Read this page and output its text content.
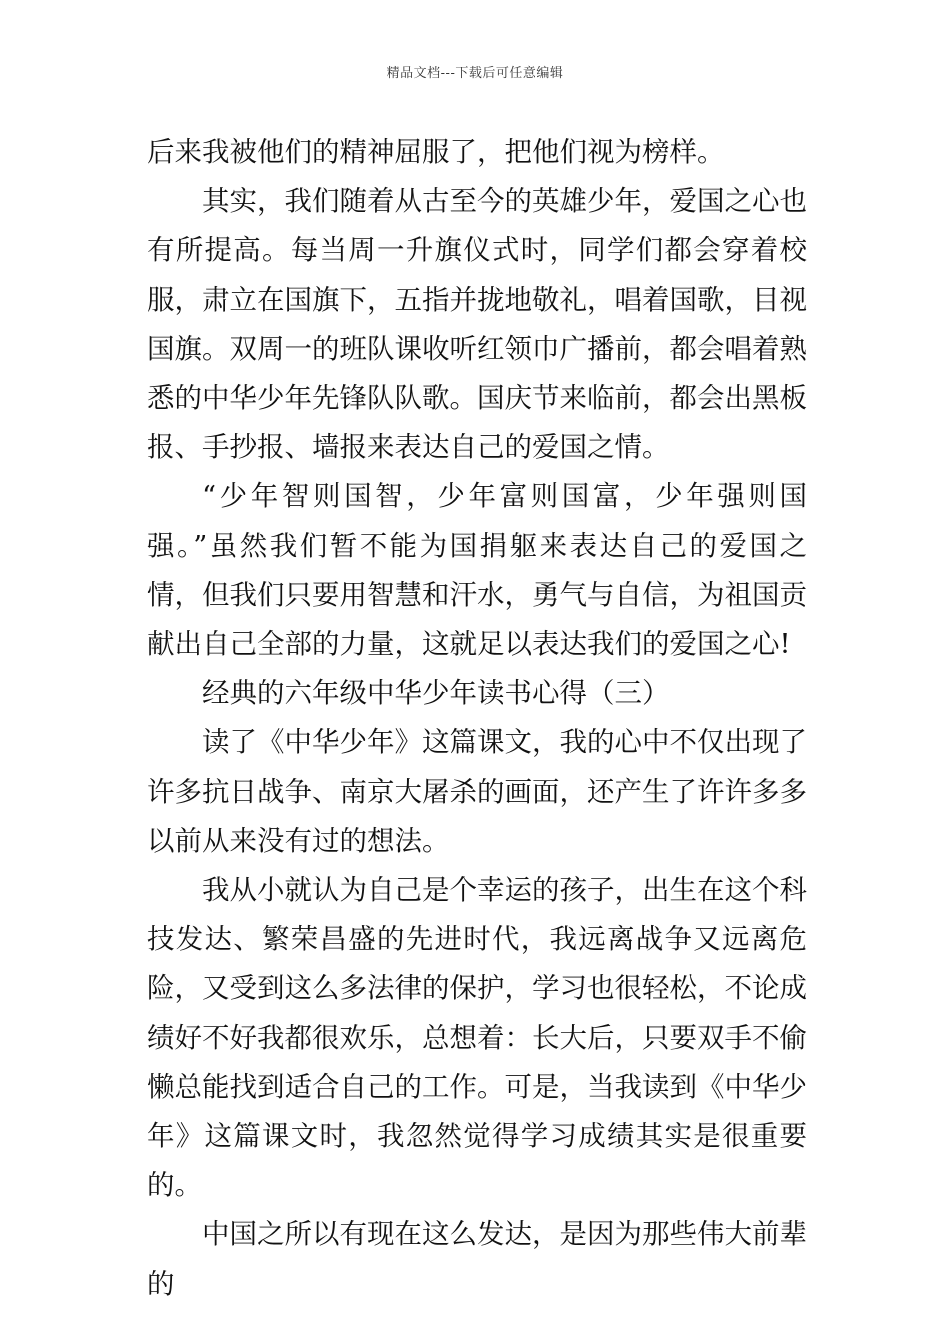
精品文档---下载后可任意编辑

后来我被他们的精神屈服了，把他们视为榜样。

其实，我们随着从古至今的英雄少年，爱国之心也有所提高。每当周一升旗仪式时，同学们都会穿着校服，肃立在国旗下，五指并拢地敬礼，唱着国歌，目视国旗。双周一的班队课收听红领巾广播前，都会唱着熟悉的中华少年先锋队队歌。国庆节来临前，都会出黑板报、手抄报、墙报来表达自己的爱国之情。

“少年智则国智，少年富则国富，少年强则国强。”虽然我们暂不能为国捐躯来表达自己的爱国之情，但我们只要用智慧和汗水，勇气与自信，为祖国贡献出自己全部的力量，这就足以表达我们的爱国之心!

经典的六年级中华少年读书心得（三）

读了《中华少年》这篇课文，我的心中不仅出现了许多抗日战争、南京大屠杀的画面，还产生了许许多多以前从来没有过的想法。

我从小就认为自己是个幸运的孩子，出生在这个科技发达、繁荣昌盛的先进时代，我远离战争又远离危险，又受到这么多法律的保护，学习也很轻松，不论成绩好不好我都很欢乐，总想着：长大后，只要双手不偷懒总能找到适合自己的工作。可是，当我读到《中华少年》这篇课文时，我忽然觉得学习成绩其实是很重要的。

中国之所以有现在这么发达，是因为那些伟大前辈的
